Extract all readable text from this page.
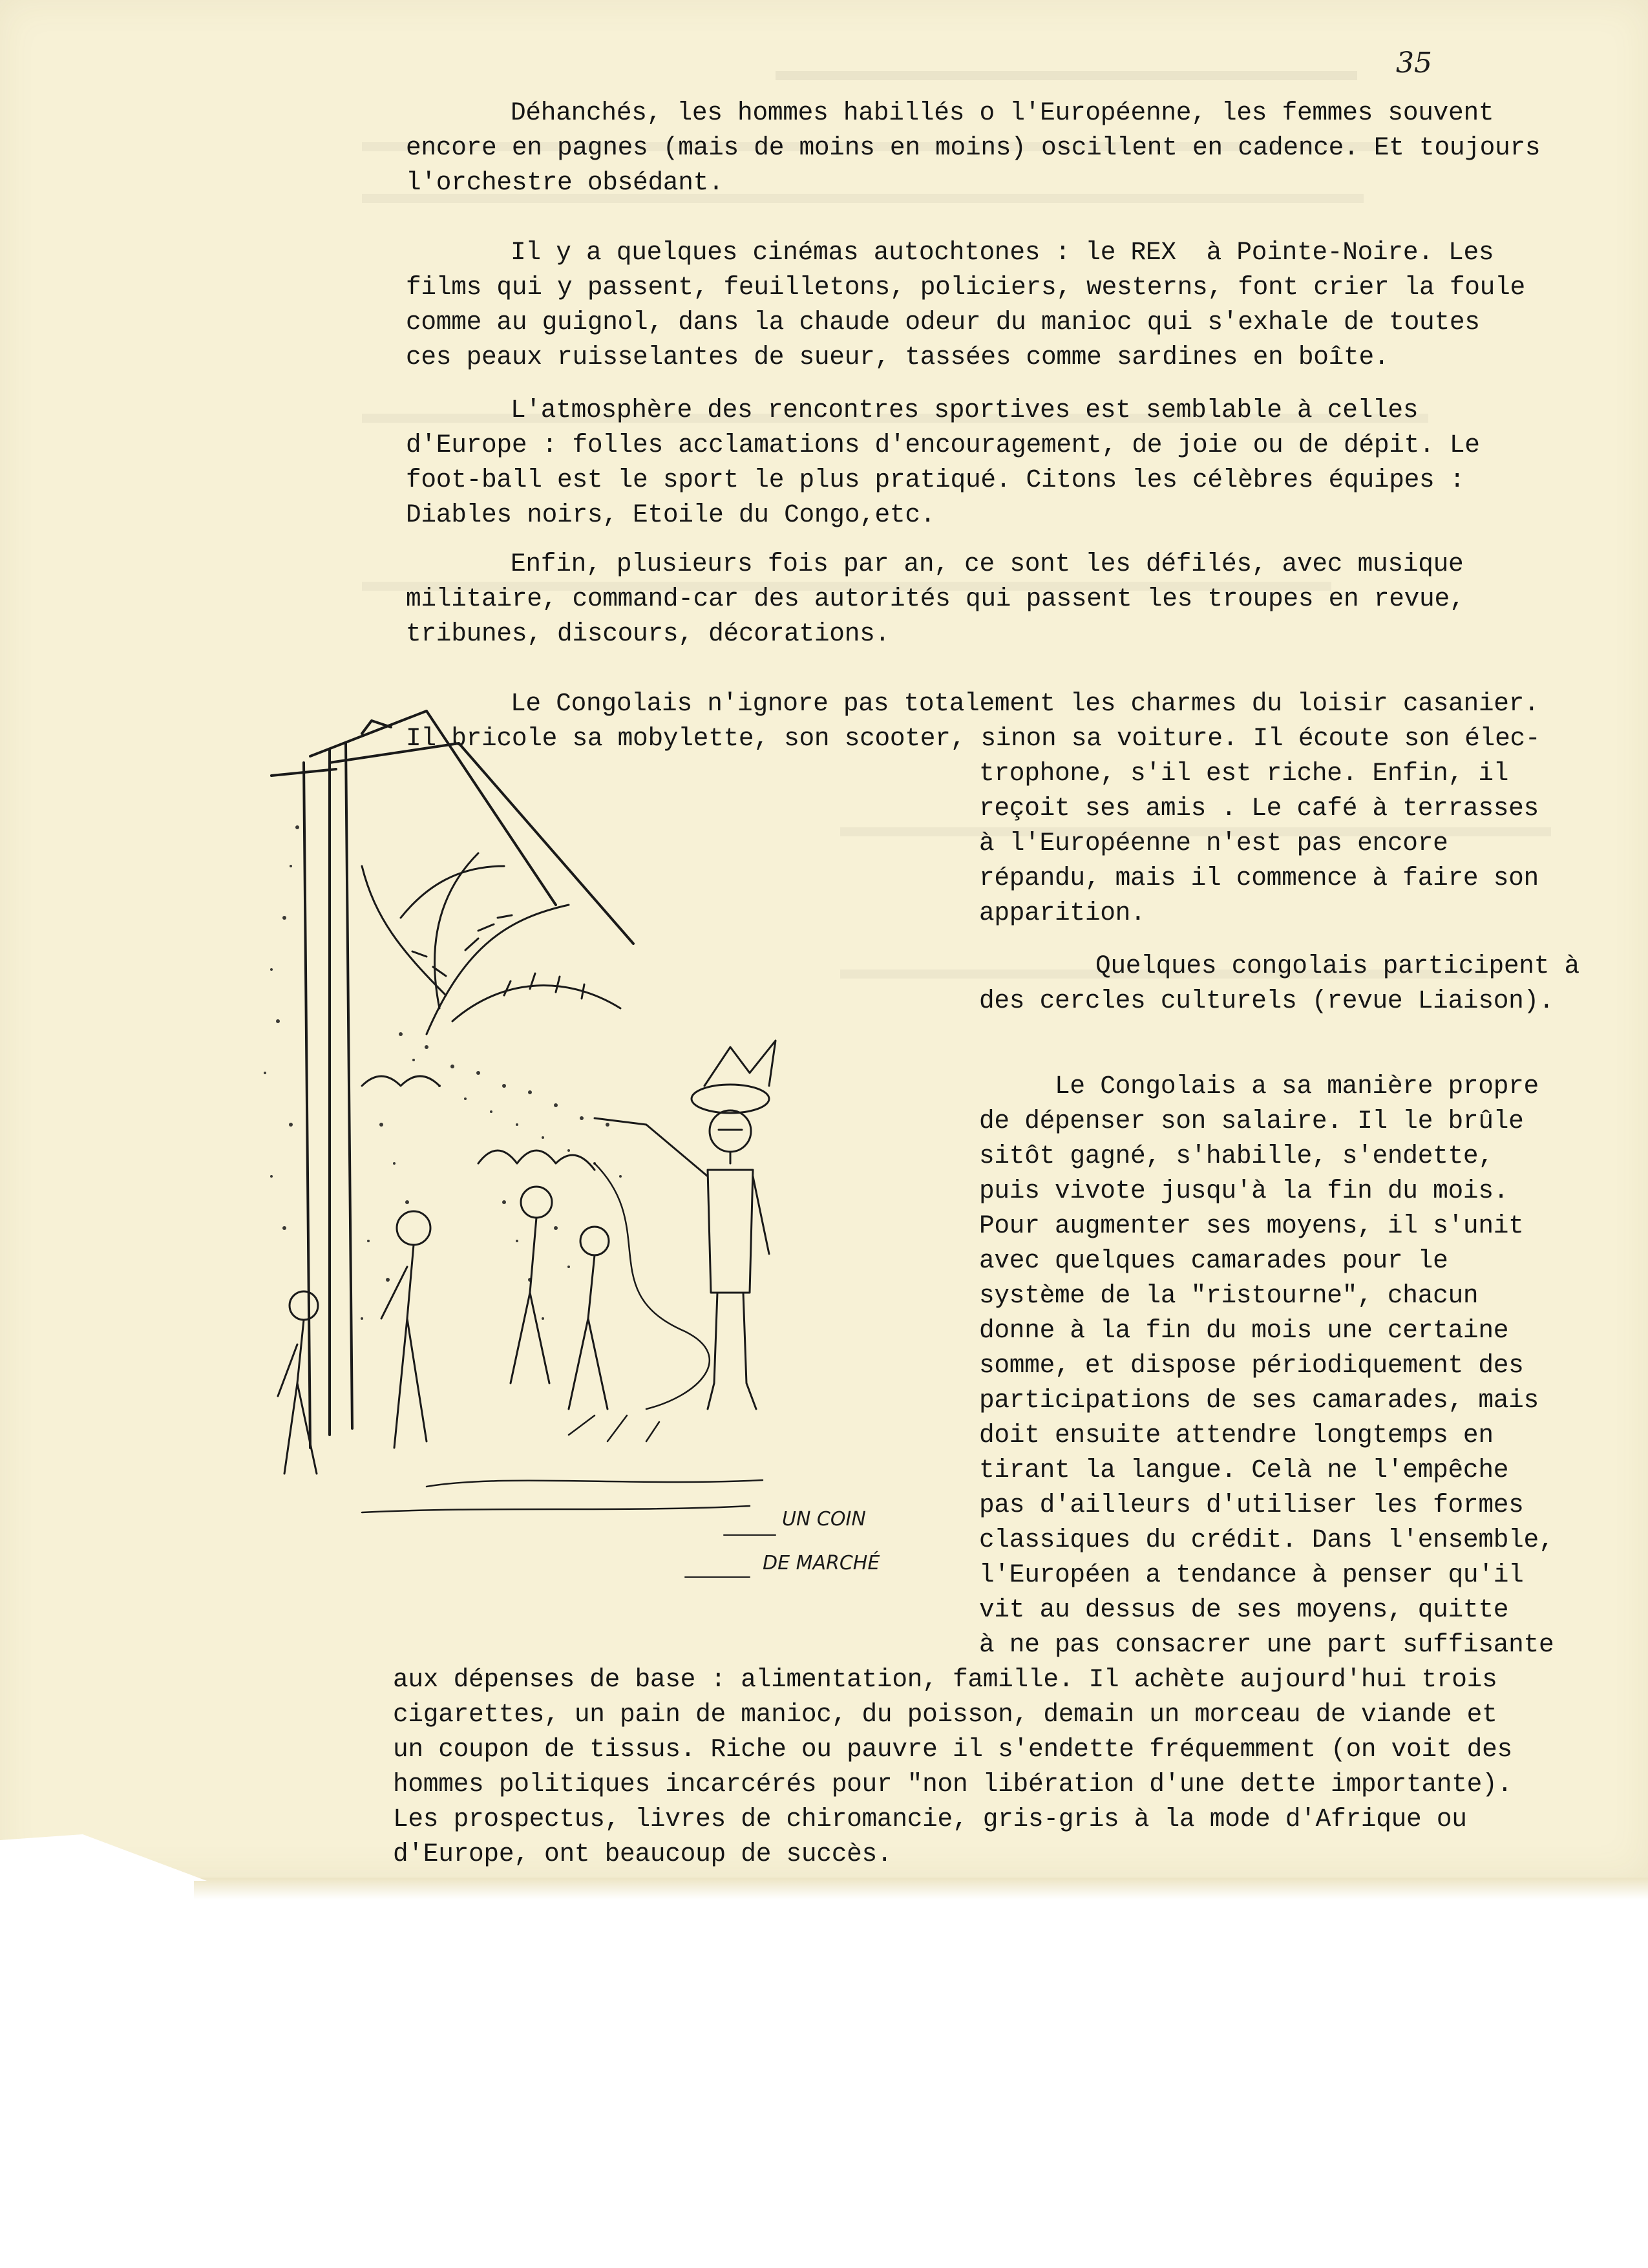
35
Déhanchés, les hommes habillés o l'Européenne, les femmes souvent
encore en pagnes (mais de moins en moins) oscillent en cadence. Et toujours
l'orchestre obsédant.
Il y a quelques cinémas autochtones : le REX  à Pointe-Noire. Les
films qui y passent, feuilletons, policiers, westerns, font crier la foule
comme au guignol, dans la chaude odeur du manioc qui s'exhale de toutes
ces peaux ruisselantes de sueur, tassées comme sardines en boîte.
L'atmosphère des rencontres sportives est semblable à celles
d'Europe : folles acclamations d'encouragement, de joie ou de dépit. Le
foot-ball est le sport le plus pratiqué. Citons les célèbres équipes :
Diables noirs, Etoile du Congo,etc.
Enfin, plusieurs fois par an, ce sont les défilés, avec musique
militaire, command-car des autorités qui passent les troupes en revue,
tribunes, discours, décorations.
Le Congolais n'ignore pas totalement les charmes du loisir casanier.
Il bricole sa mobylette, son scooter, sinon sa voiture. Il écoute son élec-
trophone, s'il est riche. Enfin, il
reçoit ses amis . Le café à terrasses
à l'Européenne n'est pas encore
répandu, mais il commence à faire son
apparition.
Quelques congolais participent à
des cercles culturels (revue Liaison).
Le Congolais a sa manière propre
de dépenser son salaire. Il le brûle
sitôt gagné, s'habille, s'endette,
puis vivote jusqu'à la fin du mois.
Pour augmenter ses moyens, il s'unit
avec quelques camarades pour le
système de la "ristourne", chacun
donne à la fin du mois une certaine
somme, et dispose périodiquement des
participations de ses camarades, mais
doit ensuite attendre longtemps en
tirant la langue. Celà ne l'empêche
pas d'ailleurs d'utiliser les formes
classiques du crédit. Dans l'ensemble,
l'Européen a tendance à penser qu'il
vit au dessus de ses moyens, quitte
à ne pas consacrer une part suffisante
aux dépenses de base : alimentation, famille. Il achète aujourd'hui trois
cigarettes, un pain de manioc, du poisson, demain un morceau de viande et
un coupon de tissus. Riche ou pauvre il s'endette fréquemment (on voit des
hommes politiques incarcérés pour "non libération d'une dette importante).
Les prospectus, livres de chiromancie, gris-gris à la mode d'Afrique ou
d'Europe, ont beaucoup de succès.
UN COIN
DE MARCHÉ
